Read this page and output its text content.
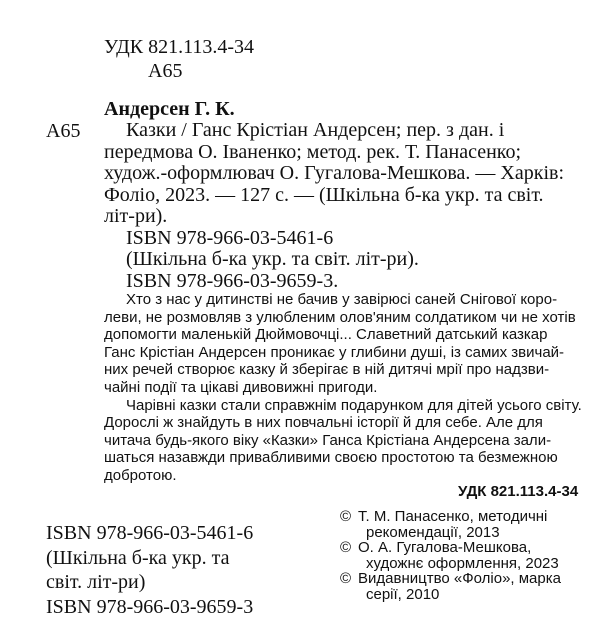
УДК 821.113.4-34
А65
Андерсен Г. К.
А65	Казки / Ганс Крістіан Андерсен; пер. з дан. і
передмова О. Іваненко; метод. рек. Т. Панасенко;
худож.-оформлювач О. Гугалова-Мешкова. — Харків:
Фоліо, 2023. — 127 с. — (Шкільна б-ка укр. та світ.
літ-ри).
ISBN 978-966-03-5461-6
(Шкільна б-ка укр. та світ. літ-ри).
ISBN 978-966-03-9659-3.
Хто з нас у дитинстві не бачив у завірюсі саней Снігової коро-
леви, не розмовляв з улюбленим олов'яним солдатиком чи не хотів
допомогти маленькій Дюймовочці... Славетний датський казкар
Ганс Крістіан Андерсен проникає у глибини душі, із самих звичай-
них речей створює казку й зберігає в ній дитячі мрії про надзви-
чайні події та цікаві дивовижні пригоди.
Чарівні казки стали справжнім подарунком для дітей усього світу.
Дорослі ж знайдуть в них повчальні історії й для себе. Але для
читача будь-якого віку «Казки» Ганса Крістіана Андерсена зали-
шаться назавжди привабливими своєю простотою та безмежною
добротою.
УДК 821.113.4-34
ISBN 978-966-03-5461-6
(Шкільна б-ка укр. та
світ. літ-ри)
ISBN 978-966-03-9659-3
© Т. М. Панасенко, методичні
рекомендації, 2013
© О. А. Гугалова-Мешкова,
художнє оформлення, 2023
© Видавництво «Фоліо», марка
серії, 2010
